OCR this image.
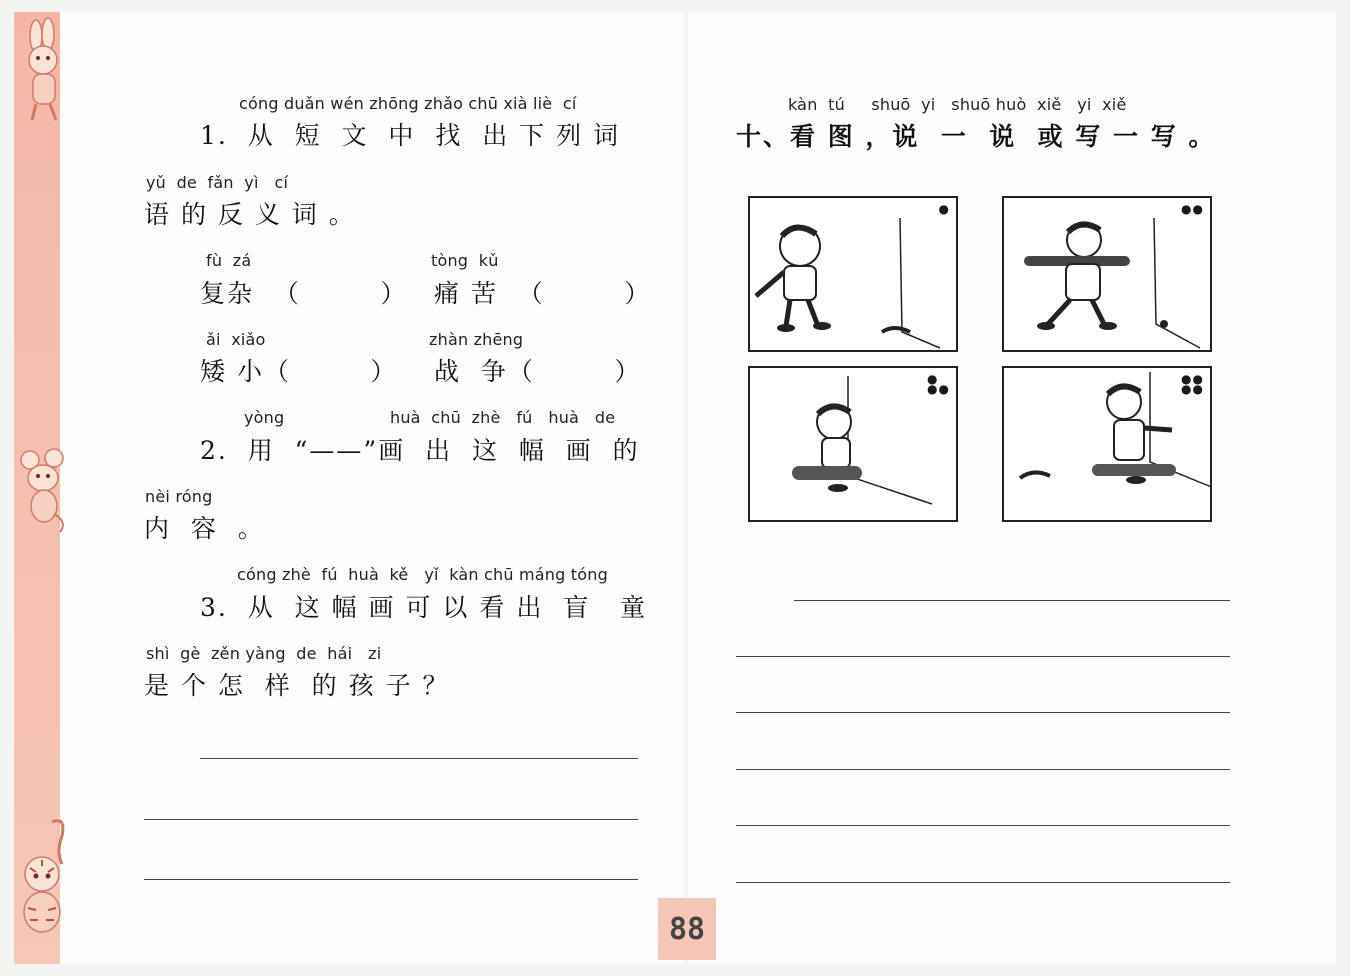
cóng duǎn wén zhōng zhǎo chū xià liè  cí
1.  从  短  文  中  找  出 下 列 词
yǔ  de  fǎn  yì   cí
语 的 反 义 词 。
fù  zá
复杂  （        ）
tòng  kǔ
痛 苦  （        ）
ǎi  xiǎo
矮 小（        ）
zhàn zhēng
战  争（        ）
yòng	huà  chū  zhè   fú   huà   de
2.  用  “——”画  出  这  幅  画  的
nèi róng
内  容  。
cóng zhè  fú  huà  kě   yǐ  kàn chū máng tóng
3.  从  这 幅 画 可 以 看 出  盲   童
shì  gè  zěn yàng  de  hái   zi
是 个 怎  样  的 孩 子 ？
kàn  tú     shuō  yi   shuō huò  xiě   yi  xiě
十、看 图 ，说  一  说  或 写 一 写 。
●	●●
●
●●
●●
●●
88
